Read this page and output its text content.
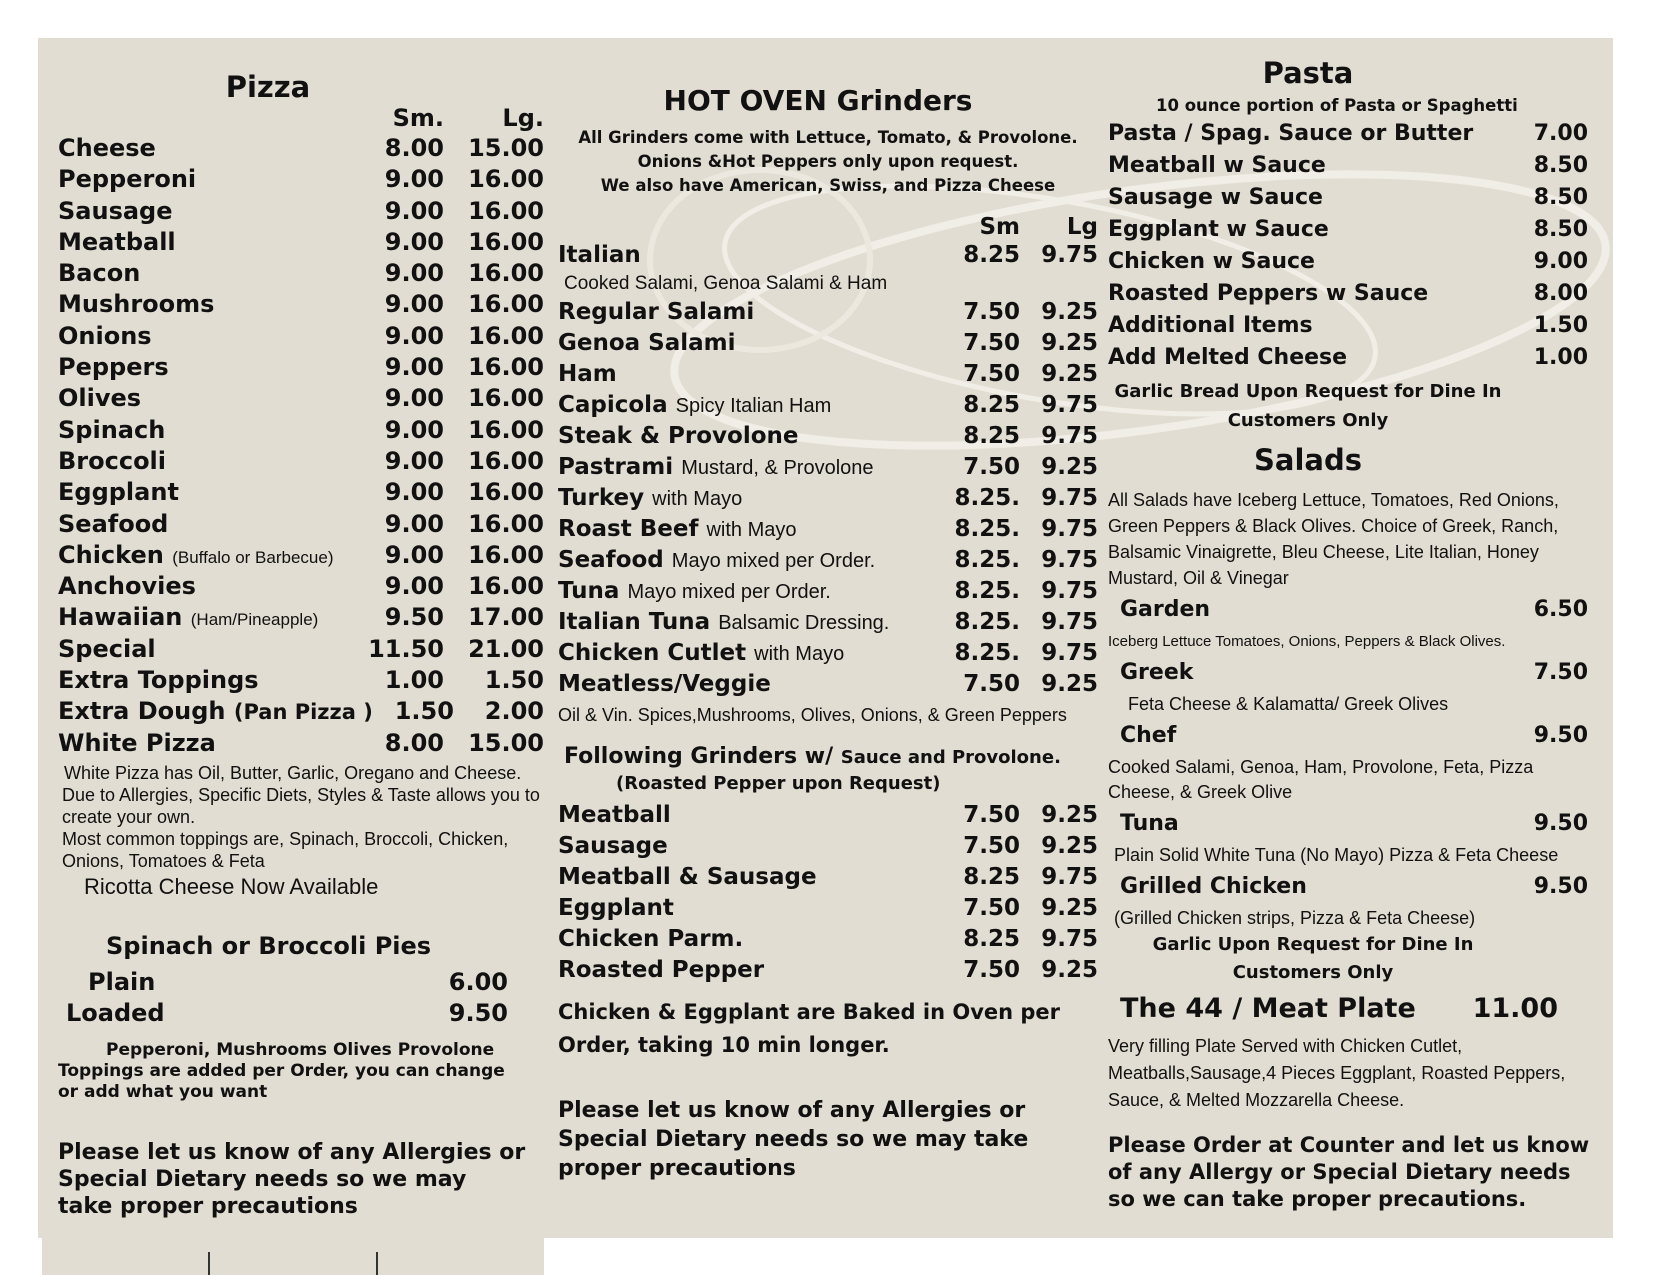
Pizza
Sm.	Lg.
Cheese	8.00	15.00
Pepperoni	9.00	16.00
Sausage	9.00	16.00
Meatball	9.00	16.00
Bacon	9.00	16.00
Mushrooms	9.00	16.00
Onions	9.00	16.00
Peppers	9.00	16.00
Olives	9.00	16.00
Spinach	9.00	16.00
Broccoli	9.00	16.00
Eggplant	9.00	16.00
Seafood	9.00	16.00
Chicken (Buffalo or Barbecue)	9.00	16.00
Anchovies	9.00	16.00
Hawaiian (Ham/Pineapple)	9.50	17.00
Special	11.50	21.00
Extra Toppings	1.00	1.50
Extra Dough (Pan Pizza ) 1.50	2.00
White Pizza	8.00	15.00
White Pizza has Oil, Butter, Garlic, Oregano and Cheese.
Due to Allergies, Specific Diets, Styles & Taste allows you to create your own.
Most common toppings are, Spinach, Broccoli, Chicken, Onions, Tomatoes & Feta
Ricotta Cheese Now Available
Spinach or Broccoli Pies
Plain	6.00
Loaded	9.50
Pepperoni, Mushrooms Olives Provolone
Toppings are added per Order, you can change or add what you want
Please let us know of any Allergies or Special Dietary needs so we may take proper precautions
HOT OVEN Grinders
All Grinders come with Lettuce, Tomato, & Provolone.
Onions &Hot Peppers only upon request.
We also have American, Swiss, and Pizza Cheese
Sm	Lg
Italian	8.25 9.75
Cooked Salami, Genoa Salami & Ham
Regular Salami	7.50 9.25
Genoa Salami	7.50 9.25
Ham	7.50 9.25
Capicola Spicy Italian Ham	8.25 9.75
Steak & Provolone	8.25 9.75
Pastrami Mustard, & Provolone	7.50 9.25
Turkey with Mayo	8.25. 9.75
Roast Beef with Mayo	8.25. 9.75
Seafood Mayo mixed per Order.	8.25. 9.75
Tuna Mayo mixed per Order.	8.25. 9.75
Italian Tuna Balsamic Dressing.	8.25. 9.75
Chicken Cutlet with Mayo	8.25. 9.75
Meatless/Veggie	7.50 9.25
Oil & Vin. Spices,Mushrooms, Olives, Onions, & Green Peppers
Following Grinders w/ Sauce and Provolone.
(Roasted Pepper upon Request)
Meatball	7.50 9.25
Sausage	7.50 9.25
Meatball & Sausage	8.25 9.75
Eggplant	7.50 9.25
Chicken Parm.	8.25 9.75
Roasted Pepper	7.50 9.25
Chicken & Eggplant are Baked in Oven per Order, taking 10 min longer.
Please let us know of any Allergies or Special Dietary needs so we may take proper precautions
Pasta
10 ounce portion of Pasta or Spaghetti
Pasta / Spag. Sauce or Butter	7.00
Meatball w Sauce	8.50
Sausage w Sauce	8.50
Eggplant w Sauce	8.50
Chicken w Sauce	9.00
Roasted Peppers w Sauce	8.00
Additional Items	1.50
Add Melted Cheese	1.00
Garlic Bread Upon Request for Dine In Customers Only
Salads
All Salads have Iceberg Lettuce, Tomatoes, Red Onions, Green Peppers & Black Olives. Choice of Greek, Ranch, Balsamic Vinaigrette, Bleu Cheese, Lite Italian, Honey Mustard, Oil & Vinegar
Garden	6.50
Iceberg Lettuce Tomatoes, Onions, Peppers & Black Olives.
Greek	7.50
Feta Cheese & Kalamatta/ Greek Olives
Chef	9.50
Cooked Salami, Genoa, Ham, Provolone, Feta, Pizza Cheese, & Greek Olive
Tuna	9.50
Plain Solid White Tuna (No Mayo) Pizza & Feta Cheese
Grilled Chicken	9.50
(Grilled Chicken strips, Pizza & Feta Cheese)
Garlic Upon Request for Dine In Customers Only
The 44 / Meat Plate	11.00
Very filling Plate Served with Chicken Cutlet, Meatballs,Sausage,4 Pieces Eggplant, Roasted Peppers, Sauce, & Melted Mozzarella Cheese.
Please Order at Counter and let us know of any Allergy or Special Dietary needs so we can take proper precautions.
